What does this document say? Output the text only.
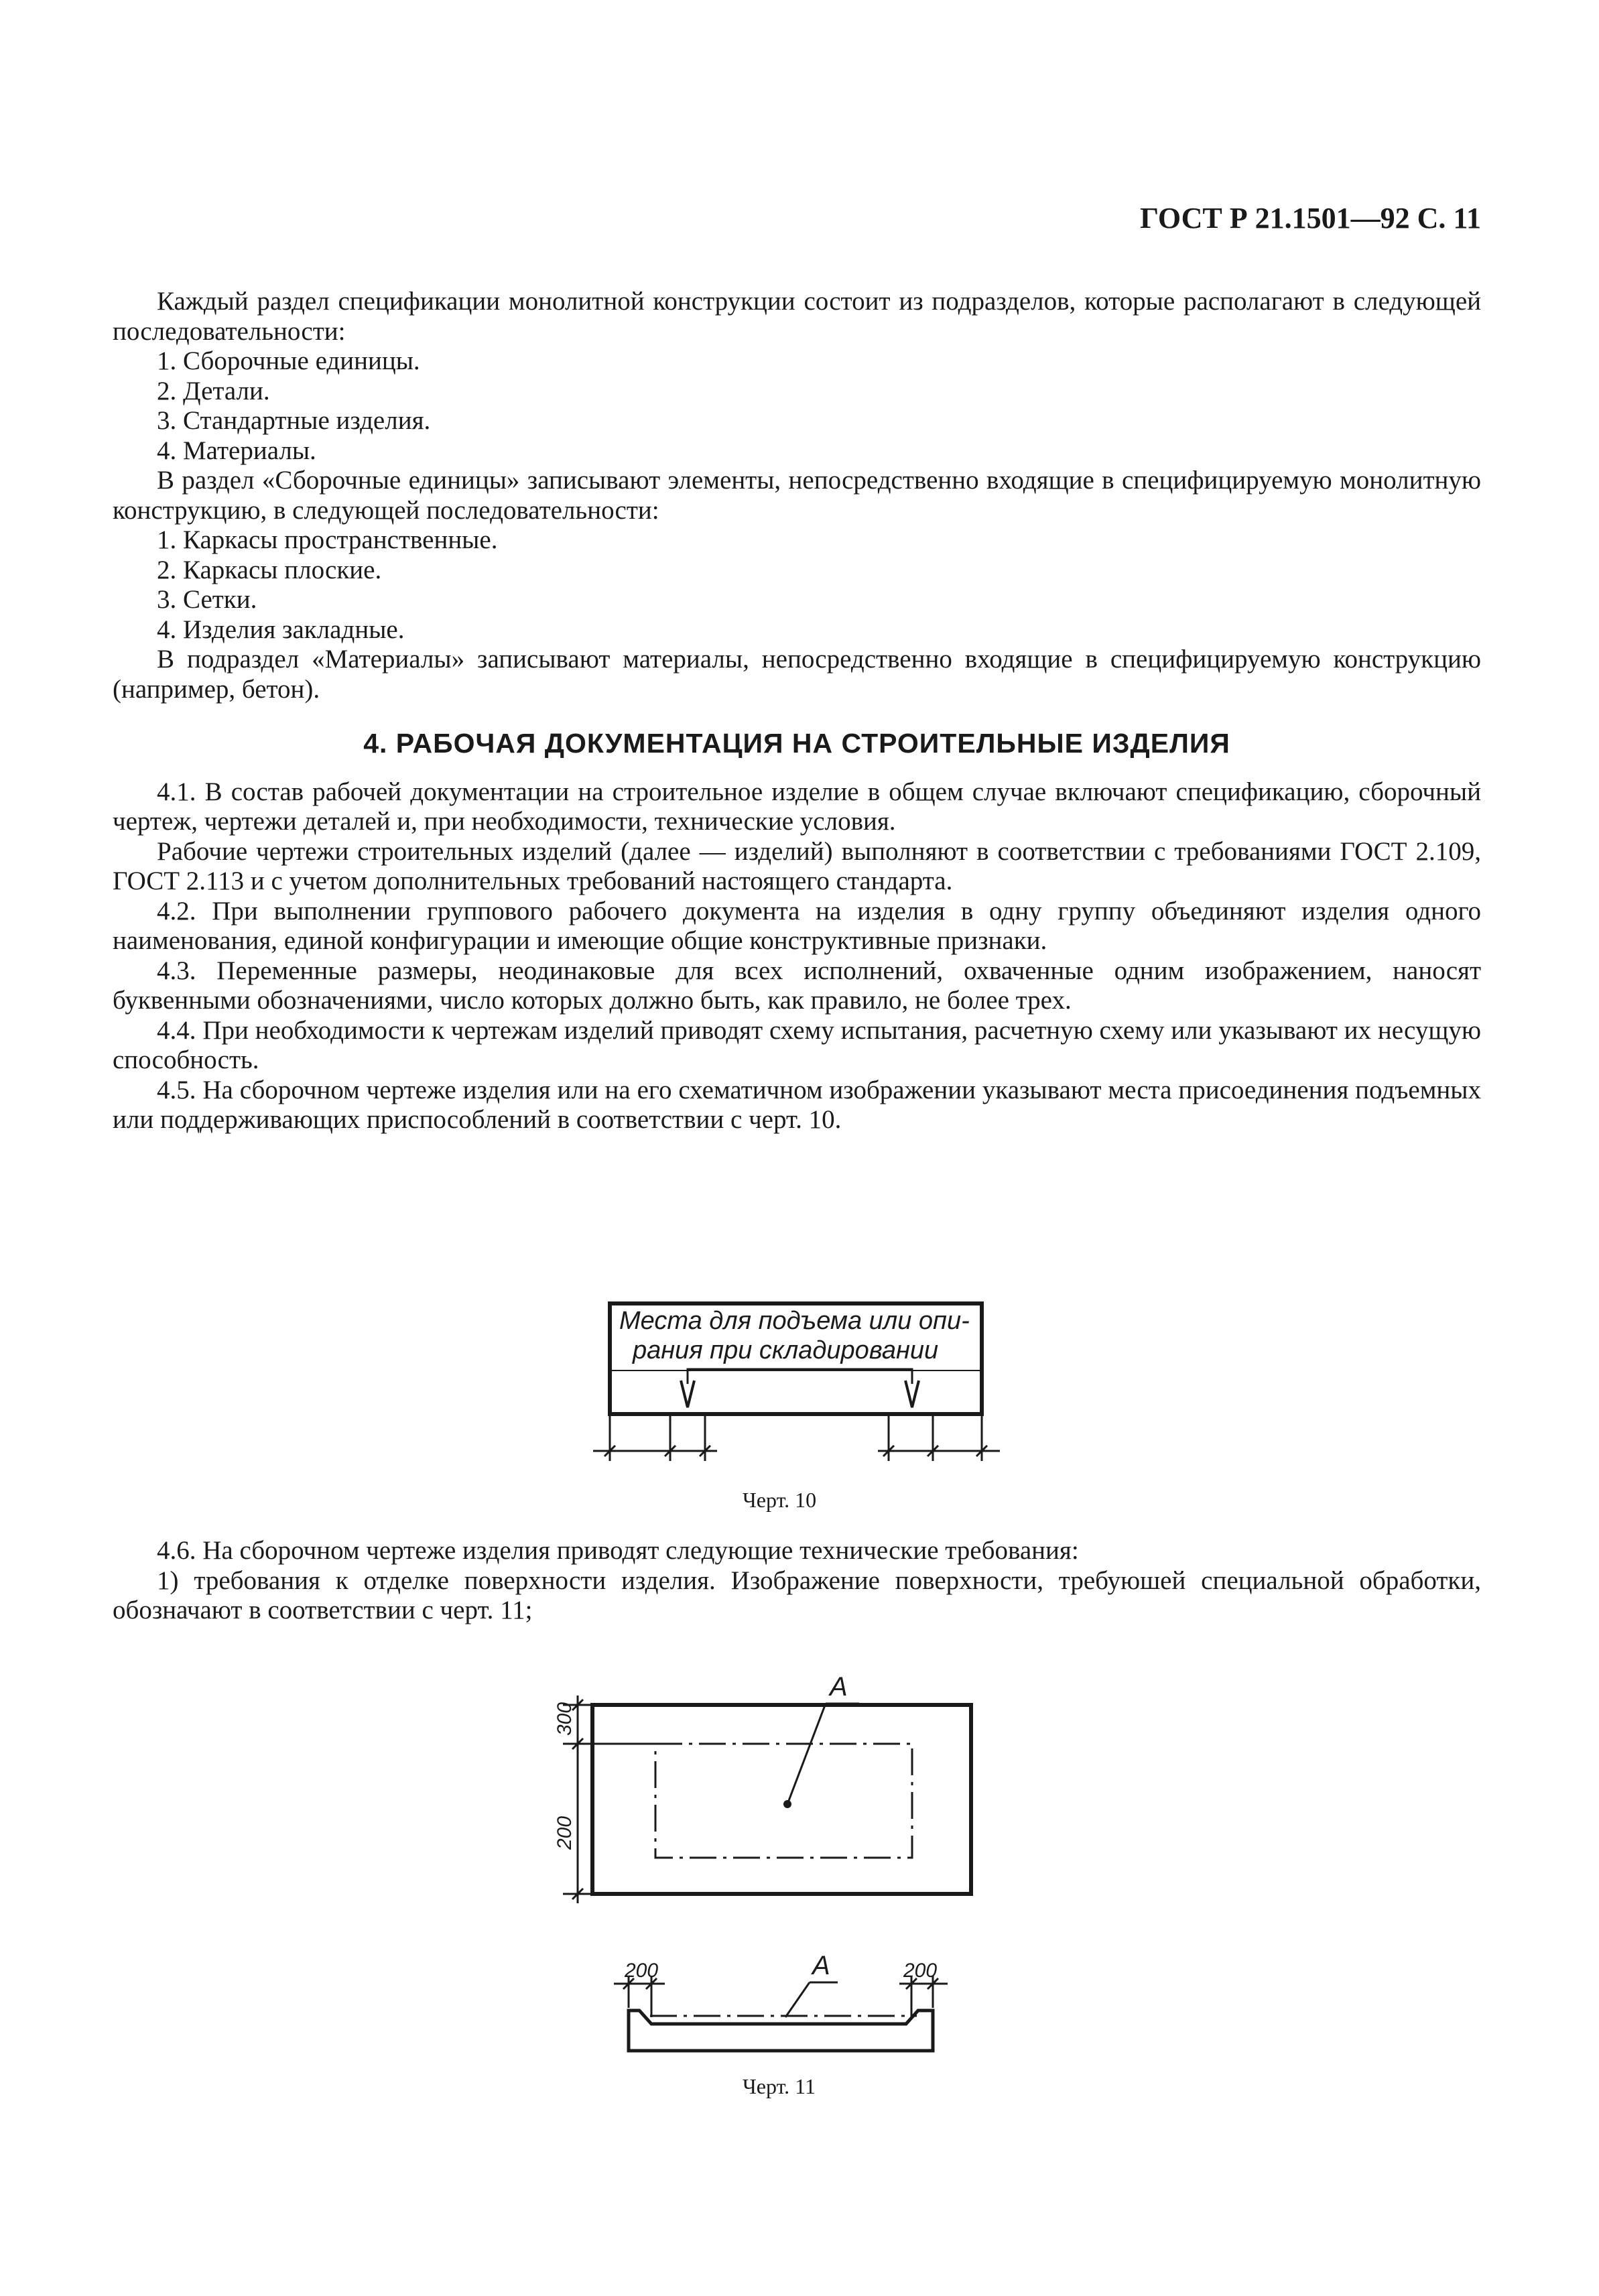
ГОСТ Р 21.1501—92 С. 11

Каждый раздел спецификации монолитной конструкции состоит из подразделов, которые располагают в следующей последовательности:

1. Сборочные единицы.

2. Детали.

3. Стандартные изделия.

4. Материалы.

В раздел «Сборочные единицы» записывают элементы, непосредственно входящие в специфицируемую монолитную конструкцию, в следующей последовательности:

1. Каркасы пространственные.

2. Каркасы плоские.

3. Сетки.

4. Изделия закладные.

В подраздел «Материалы» записывают материалы, непосредственно входящие в специфицируемую конструкцию (например, бетон).

4. РАБОЧАЯ ДОКУМЕНТАЦИЯ НА СТРОИТЕЛЬНЫЕ ИЗДЕЛИЯ

4.1. В состав рабочей документации на строительное изделие в общем случае включают спецификацию, сборочный чертеж, чертежи деталей и, при необходимости, технические условия.

Рабочие чертежи строительных изделий (далее — изделий) выполняют в соответствии с требованиями ГОСТ 2.109, ГОСТ 2.113 и с учетом дополнительных требований настоящего стандарта.

4.2. При выполнении группового рабочего документа на изделия в одну группу объединяют изделия одного наименования, единой конфигурации и имеющие общие конструктивные признаки.

4.3. Переменные размеры, неодинаковые для всех исполнений, охваченные одним изображением, наносят буквенными обозначениями, число которых должно быть, как правило, не более трех.

4.4. При необходимости к чертежам изделий приводят схему испытания, расчетную схему или указывают их несущую способность.

4.5. На сборочном чертеже изделия или на его схематичном изображении указывают места присоединения подъемных или поддерживающих приспособлений в соответствии с черт. 10.

Места для подъема или опи-
рания при складировании
Черт. 10

4.6. На сборочном чертеже изделия приводят следующие технические требования:

1) требования к отделке поверхности изделия. Изображение поверхности, требуюшей специальной обработки, обозначают в соответствии с черт. 11;

А
300
200
200	200
А
Черт. 11
